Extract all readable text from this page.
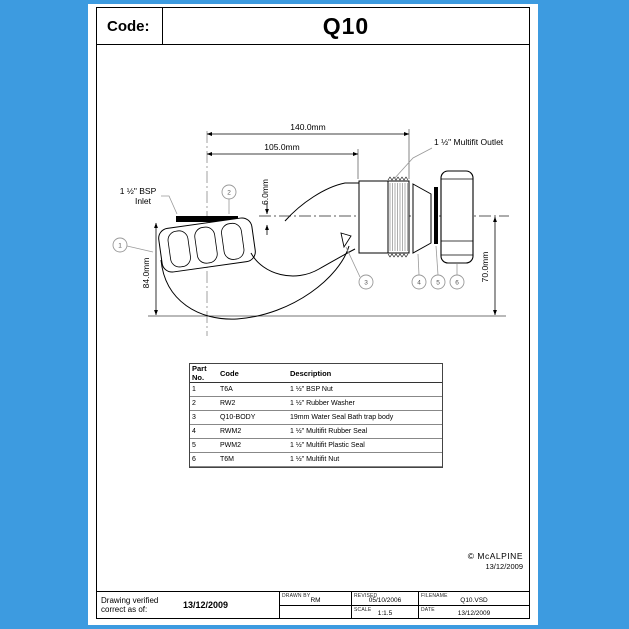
Code:	Q10
140.0mm
105.0mm
6.0mm
84.0mm	70.0mm
1 ½" BSP
Inlet
1 ½" Multifit Outlet
1
2
3	4 5 6
Part No.	Code	Description
1	T6A	1 ½" BSP Nut
2	RW2	1 ½" Rubber Washer
3	Q10-BODY	19mm Water Seal Bath trap body
4	RWM2	1 ½" Multifit Rubber Seal
5	PWM2	1 ½" Multifit Plastic Seal
6	T6M	1 ½" Multifit Nut
© McALPINE
13/12/2009
Drawing verified
correct as of:	13/12/2009
DRAWN BY
RM
REVISED
05/10/2006
SCALE 1:1.5
FILENAME
Q10.VSD
DATE	13/12/2009
